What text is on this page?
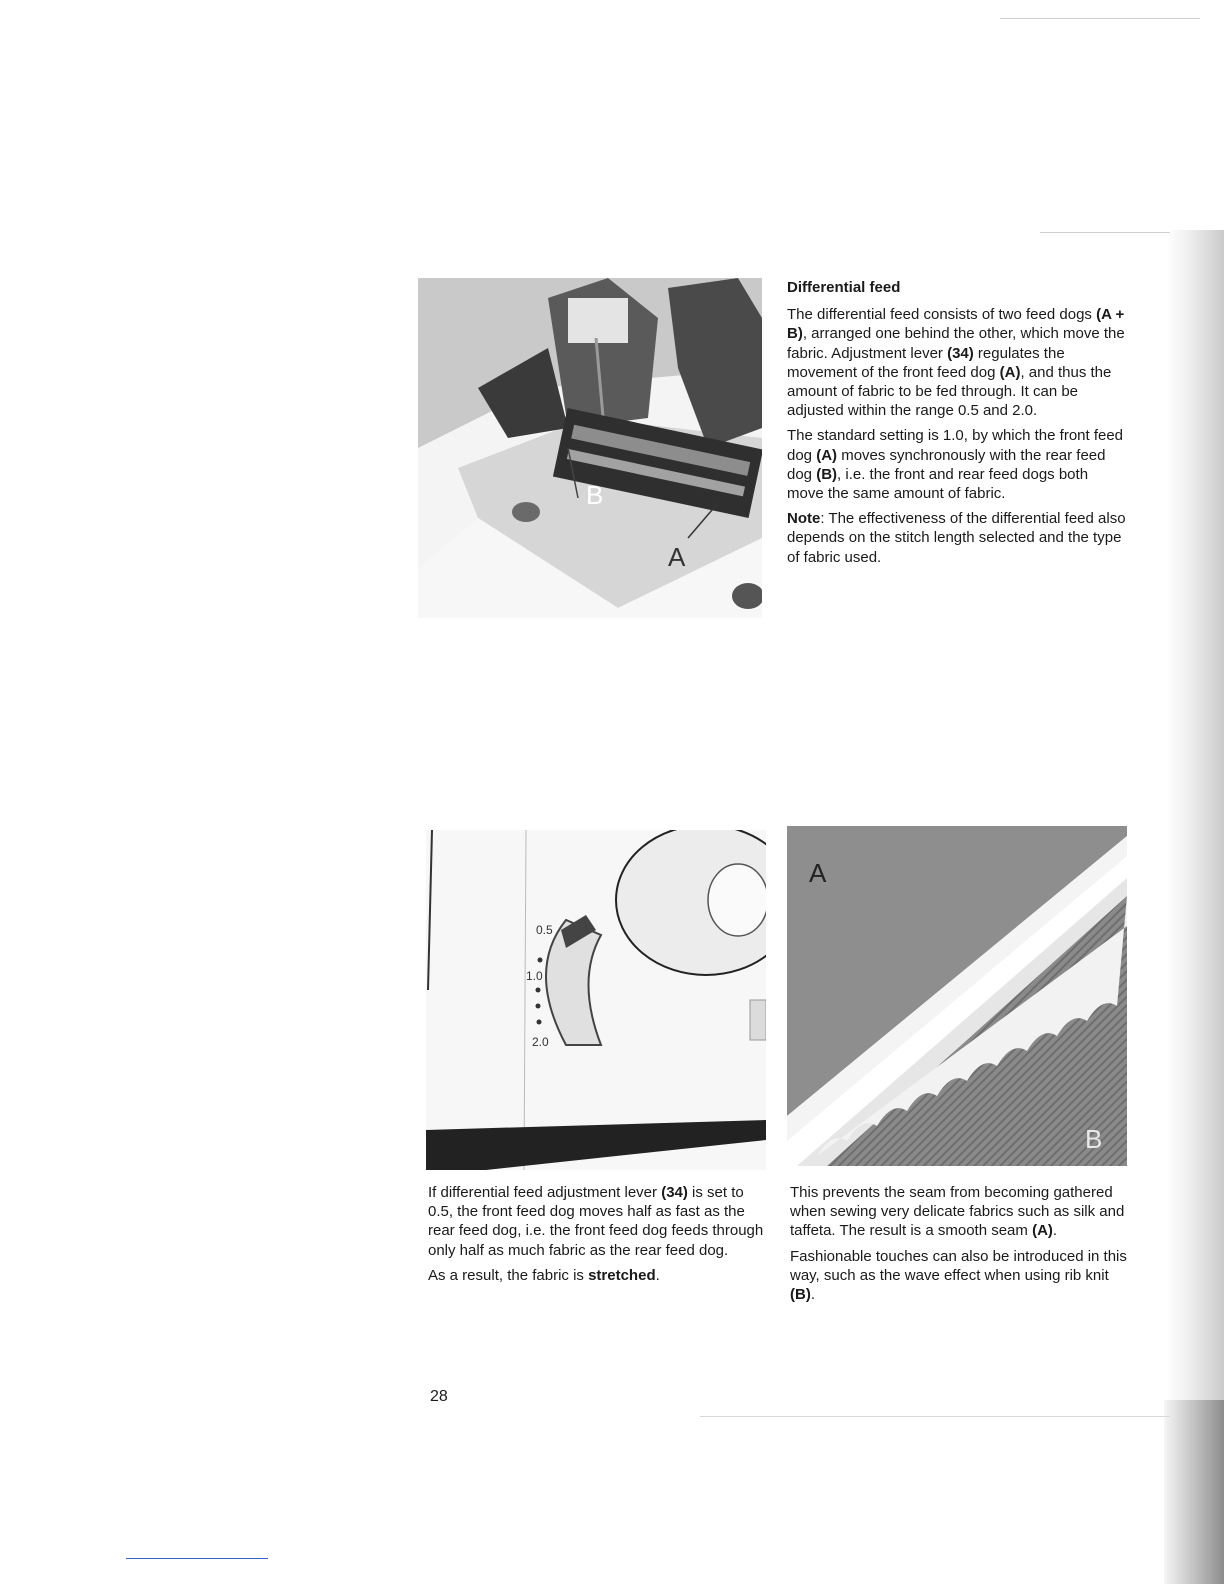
B
A
Differential feed

The differential feed consists of two feed dogs (A + B), arranged one behind the other, which move the fabric. Adjustment lever (34) regulates the movement of the front feed dog (A), and thus the amount of fabric to be fed through. It can be adjusted within the range 0.5 and 2.0.

The standard setting is 1.0, by which the front feed dog (A) moves synchronously with the rear feed dog (B), i.e. the front and rear feed dogs both move the same amount of fabric.

Note: The effectiveness of the differential feed also depends on the stitch length selected and the type of fabric used.

0.5
1.0
2.0
A
B

If differential feed adjustment lever (34) is set to 0.5, the front feed dog moves half as fast as the rear feed dog, i.e. the front feed dog feeds through only half as much fabric as the rear feed dog.

As a result, the fabric is stretched.

This prevents the seam from becoming gathered when sewing very delicate fabrics such as silk and taffeta. The result is a smooth seam (A).

Fashionable touches can also be introduced in this way, such as the wave effect when using rib knit (B).

28
